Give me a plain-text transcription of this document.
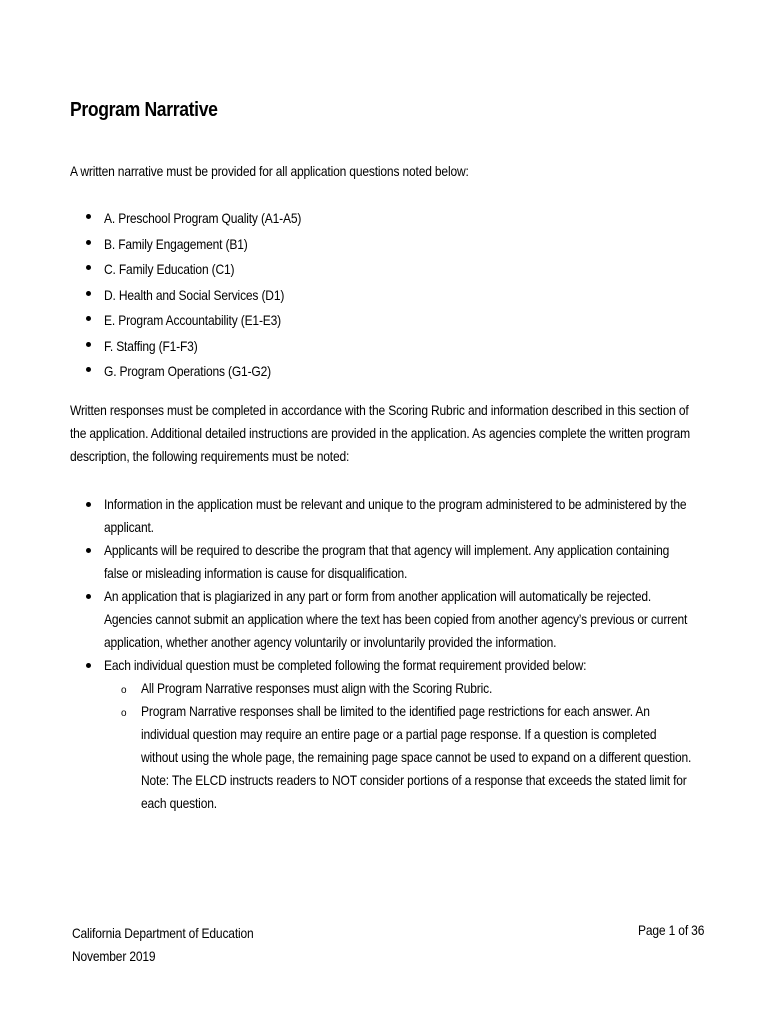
Program Narrative
A written narrative must be provided for all application questions noted below:
A. Preschool Program Quality (A1-A5)
B. Family Engagement (B1)
C. Family Education (C1)
D. Health and Social Services (D1)
E. Program Accountability (E1-E3)
F. Staffing (F1-F3)
G. Program Operations (G1-G2)
Written responses must be completed in accordance with the Scoring Rubric and information described in this section of
the application. Additional detailed instructions are provided in the application. As agencies complete the written program
description, the following requirements must be noted:
Information in the application must be relevant and unique to the program administered to be administered by the
applicant.
Applicants will be required to describe the program that that agency will implement. Any application containing
false or misleading information is cause for disqualification.
An application that is plagiarized in any part or form from another application will automatically be rejected.
Agencies cannot submit an application where the text has been copied from another agency’s previous or current
application, whether another agency voluntarily or involuntarily provided the information.
Each individual question must be completed following the format requirement provided below:
o All Program Narrative responses must align with the Scoring Rubric.
o Program Narrative responses shall be limited to the identified page restrictions for each answer. An
individual question may require an entire page or a partial page response. If a question is completed
without using the whole page, the remaining page space cannot be used to expand on a different question.
Note: The ELCD instructs readers to NOT consider portions of a response that exceeds the stated limit for
each question.
California Department of Education
November 2019
Page 1 of 36
